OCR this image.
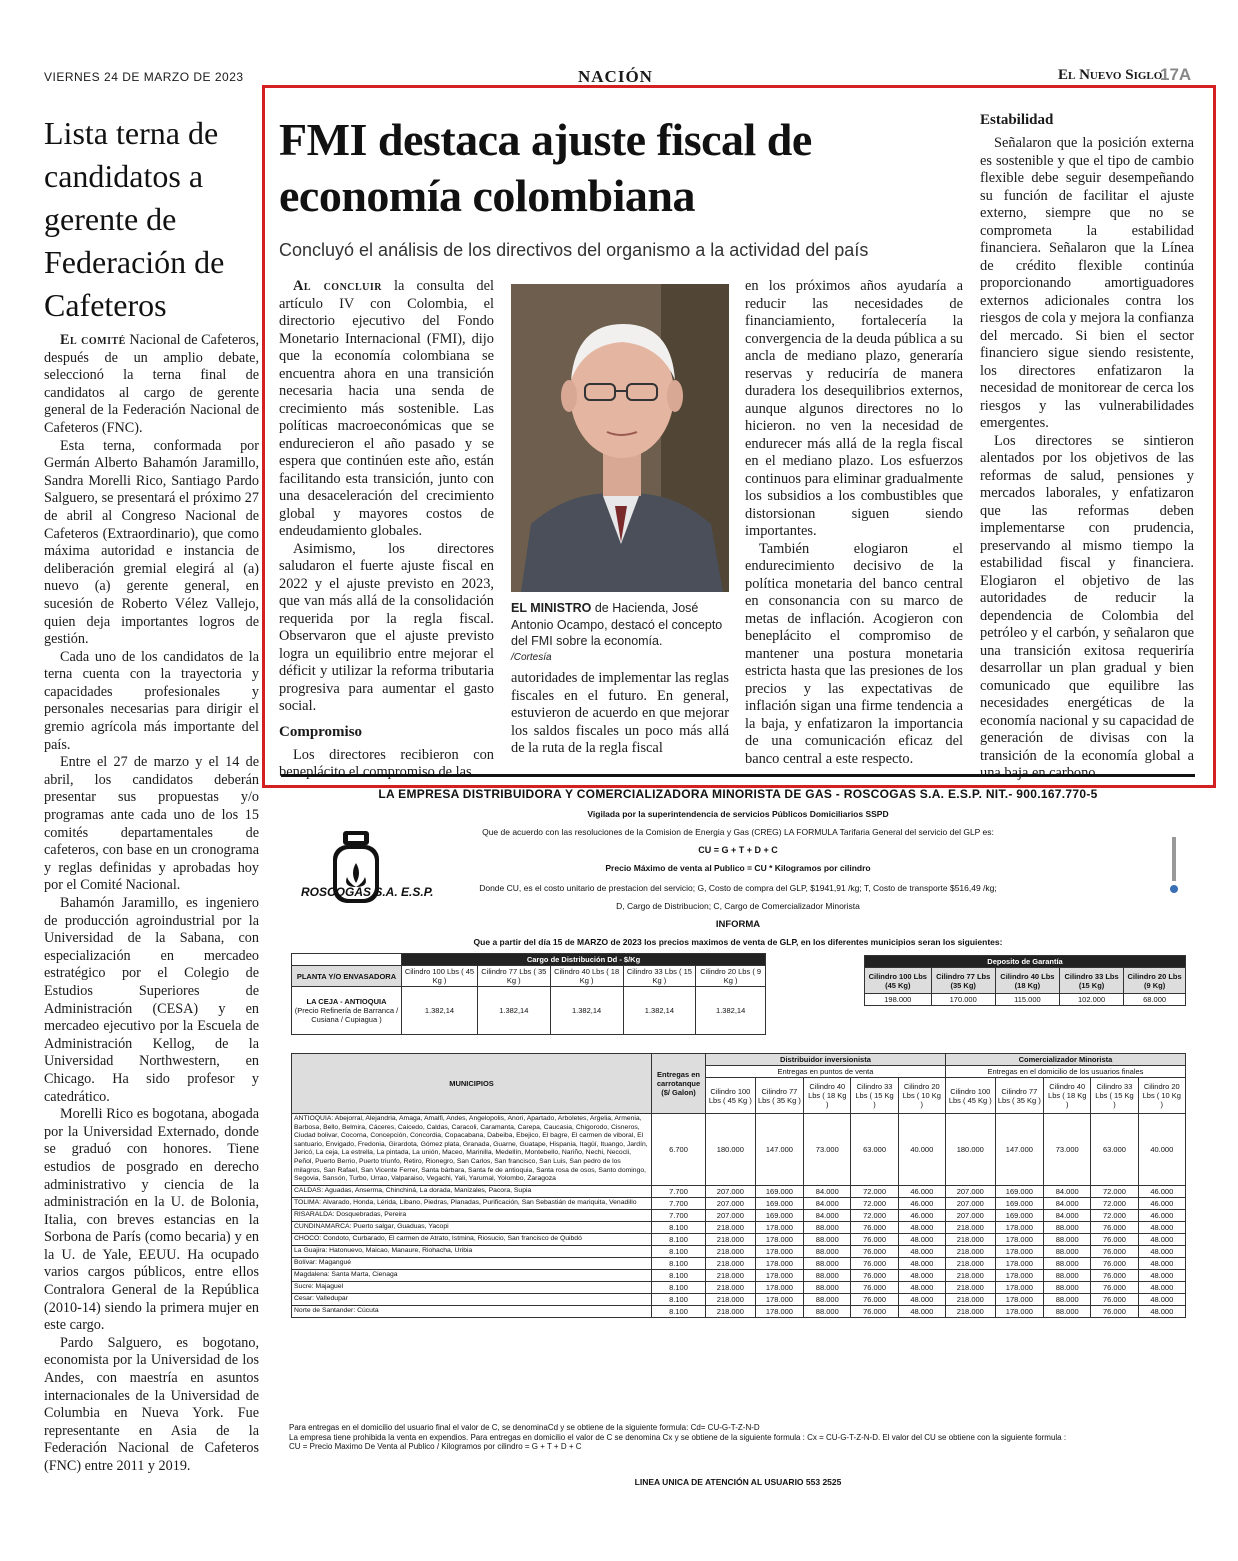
VIERNES 24 DE MARZO DE 2023	NACIÓN	El Nuevo Siglo
17A
Lista terna de candidatos a gerente de Federación de Cafeteros

El comité Nacional de Cafeteros, después de un amplio debate, seleccionó la terna final de candidatos al cargo de gerente general de la Federación Nacional de Cafeteros (FNC).

Esta terna, conformada por Germán Alberto Bahamón Jaramillo, Sandra Morelli Rico, Santiago Pardo Salguero, se presentará el próximo 27 de abril al Congreso Nacional de Cafeteros (Extraordinario), que como máxima autoridad e instancia de deliberación gremial elegirá al (a) nuevo (a) gerente general, en sucesión de Roberto Vélez Vallejo, quien deja importantes logros de gestión.

Cada uno de los candidatos de la terna cuenta con la trayectoria y capacidades profesionales y personales necesarias para dirigir el gremio agrícola más importante del país.

Entre el 27 de marzo y el 14 de abril, los candidatos deberán presentar sus propuestas y/o programas ante cada uno de los 15 comités departamentales de cafeteros, con base en un cronograma y reglas definidas y aprobadas hoy por el Comité Nacional.

Bahamón Jaramillo, es ingeniero de producción agroindustrial por la Universidad de la Sabana, con especialización en mercadeo estratégico por el Colegio de Estudios Superiores de Administración (CESA) y en mercadeo ejecutivo por la Escuela de Administración Kellog, de la Universidad Northwestern, en Chicago. Ha sido profesor y catedrático.

Morelli Rico es bogotana, abogada por la Universidad Externado, donde se graduó con honores. Tiene estudios de posgrado en derecho administrativo y ciencia de la administración en la U. de Bolonia, Italia, con breves estancias en la Sorbona de París (como becaria) y en la U. de Yale, EEUU. Ha ocupado varios cargos públicos, entre ellos Contralora General de la República (2010-14) siendo la primera mujer en este cargo.

Pardo Salguero, es bogotano, economista por la Universidad de los Andes, con maestría en asuntos internacionales de la Universidad de Columbia en Nueva York. Fue representante en Asia de la Federación Nacional de Cafeteros (FNC) entre 2011 y 2019.

FMI destaca ajuste fiscal de economía colombiana
Concluyó el análisis de los directivos del organismo a la actividad del país

Al concluir la consulta del artículo IV con Colombia, el directorio ejecutivo del Fondo Monetario Internacional (FMI), dijo que la economía colombiana se encuentra ahora en una transición necesaria hacia una senda de crecimiento más sostenible. Las políticas macroeconómicas que se endurecieron el año pasado y se espera que continúen este año, están facilitando esta transición, junto con una desaceleración del crecimiento global y mayores costos de endeudamiento globales.

Asimismo, los directores saludaron el fuerte ajuste fiscal en 2022 y el ajuste previsto en 2023, que van más allá de la consolidación requerida por la regla fiscal. Observaron que el ajuste previsto logra un equilibrio entre mejorar el déficit y utilizar la reforma tributaria progresiva para aumentar el gasto social.

Compromiso

Los directores recibieron con beneplácito el compromiso de las

EL MINISTRO de Hacienda, José Antonio Ocampo, destacó el concepto del FMI sobre la economía.
/Cortesía

autoridades de implementar las reglas fiscales en el futuro. En general, estuvieron de acuerdo en que mejorar los saldos fiscales un poco más allá de la ruta de la regla fiscal

en los próximos años ayudaría a reducir las necesidades de financiamiento, fortalecería la convergencia de la deuda pública a su ancla de mediano plazo, generaría reservas y reduciría de manera duradera los desequilibrios externos, aunque algunos directores no lo hicieron. no ven la necesidad de endurecer más allá de la regla fiscal en el mediano plazo. Los esfuerzos continuos para eliminar gradualmente los subsidios a los combustibles que distorsionan siguen siendo importantes.

También elogiaron el endurecimiento decisivo de la política monetaria del banco central en consonancia con su marco de metas de inflación. Acogieron con beneplácito el compromiso de mantener una postura monetaria estricta hasta que las presiones de los precios y las expectativas de inflación sigan una firme tendencia a la baja, y enfatizaron la importancia de una comunicación eficaz del banco central a este respecto.

Estabilidad

Señalaron que la posición externa es sostenible y que el tipo de cambio flexible debe seguir desempeñando su función de facilitar el ajuste externo, siempre que no se comprometa la estabilidad financiera. Señalaron que la Línea de crédito flexible continúa proporcionando amortiguadores externos adicionales contra los riesgos de cola y mejora la confianza del mercado. Si bien el sector financiero sigue siendo resistente, los directores enfatizaron la necesidad de monitorear de cerca los riesgos y las vulnerabilidades emergentes.

Los directores se sintieron alentados por los objetivos de las reformas de salud, pensiones y mercados laborales, y enfatizaron que las reformas deben implementarse con prudencia, preservando al mismo tiempo la estabilidad fiscal y financiera. Elogiaron el objetivo de las autoridades de reducir la dependencia de Colombia del petróleo y el carbón, y señalaron que una transición exitosa requeriría desarrollar un plan gradual y bien comunicado que equilibre las necesidades energéticas de la economía nacional y su capacidad de generación de divisas con la transición de la economía global a una baja en carbono.

LA EMPRESA DISTRIBUIDORA Y COMERCIALIZADORA MINORISTA DE GAS - ROSCOGAS S.A. E.S.P. NIT.- 900.167.770-5
Vigilada por la superintendencia de servicios Públicos Domiciliarios SSPD
Que de acuerdo con las resoluciones de la Comision de Energia y Gas (CREG) LA FORMULA Tarifaria General del servicio del GLP es:
CU = G + T + D + C
Precio Máximo de venta al Publico = CU * Kilogramos por cilindro
Donde CU, es el costo unitario de prestacion del servicio; G, Costo de compra del GLP, $1941,91 /kg; T, Costo de transporte $516,49 /kg;
D, Cargo de Distribucion; C, Cargo de Comercializador Minorista
INFORMA
Que a partir del día 15 de MARZO de 2023 los precios maximos de venta de GLP, en los diferentes municipios seran los siguientes:
ROSCOGAS S.A. E.S.P.
	Cargo de Distribución Dd - $/Kg				
PLANTA Y/O ENVASADORA	Cilindro 100 Lbs ( 45 Kg )	Cilindro 77 Lbs ( 35 Kg )	Cilindro 40 Lbs ( 18 Kg )	Cilindro 33 Lbs ( 15 Kg )	Cilindro 20 Lbs ( 9 Kg )
LA CEJA - ANTIOQUIA
(Precio Refinería de Barranca / Cusiana / Cupiagua )	1.382,14	1.382,14	1.382,14	1.382,14	1.382,14
Deposito de Garantía				
Cilindro 100 Lbs (45 Kg)	Cilindro 77 Lbs (35 Kg)	Cilindro 40 Lbs (18 Kg)	Cilindro 33 Lbs (15 Kg)	Cilindro 20 Lbs (9 Kg)
198.000	170.000	115.000	102.000	68.000
MUNICIPIOS	Entregas en carrotanque ($/ Galon)	Distribuidor inversionista					Comercializador Minorista				
		Entregas en puntos de venta					Entregas en el domicilio de los usuarios finales				
		Cilindro 100 Lbs ( 45 Kg )	Cilindro 77 Lbs ( 35 Kg )	Cilindro 40 Lbs ( 18 Kg )	Cilindro 33 Lbs ( 15 Kg )	Cilindro 20 Lbs ( 10 Kg )	Cilindro 100 Lbs ( 45 Kg )	Cilindro 77 Lbs ( 35 Kg )	Cilindro 40 Lbs ( 18 Kg )	Cilindro 33 Lbs ( 15 Kg )	Cilindro 20 Lbs ( 10 Kg )
ANTIOQUIA: Abejorral, Alejandria, Amaga, Amalfi, Andes, Angelopolis, Anori, Apartado, Arboletes, Argelia, Armenia, Barbosa, Bello, Belmira, Cáceres, Caicedo, Caldas, Caracoli, Caramanta, Carepa, Caucasia, Chigorodo, Cisneros, Ciudad bolivar, Cocorna, Concepción, Concordia, Copacabana, Dabeiba, Ebejico, El bagre, El carmen de viboral, El santuario, Envigado, Fredonia, Girardota, Gómez plata, Granada, Guarne, Guatape, Hispania, Itagüí, Ituango, Jardín, Jericó, La ceja, La estrella, La pintada, La unión, Maceo, Marinilla, Medellín, Montebello, Nariño, Nechi, Necocli, Peñol, Puerto Berrio, Puerto triunfo, Retiro, Rionegro, San Carlos, San francisco, San Luis, San pedro de los milagros, San Rafael, San Vicente Ferrer, Santa bárbara, Santa fe de antioquia, Santa rosa de osos, Santo domingo, Segovia, Sansón, Turbo, Urrao, Valparaiso, Vegachi, Yali, Yarumal, Yolombo, Zaragoza	6.700	180.000	147.000	73.000	63.000	40.000	180.000	147.000	73.000	63.000	40.000
CALDAS: Aguadas, Anserma, Chinchiná, La dorada, Manizales, Pacora, Supia	7.700	207.000	169.000	84.000	72.000	46.000	207.000	169.000	84.000	72.000	46.000
TOLIMA: Alvarado, Honda, Lérida, Libano, Piedras, Planadas, Purificación, San Sebastián de mariquita, Venadillo	7.700	207.000	169.000	84.000	72.000	46.000	207.000	169.000	84.000	72.000	46.000
RISARALDA: Dosquebradas, Pereira	7.700	207.000	169.000	84.000	72.000	46.000	207.000	169.000	84.000	72.000	46.000
CUNDINAMARCA: Puerto salgar, Guaduas, Yacopi	8.100	218.000	178.000	88.000	76.000	48.000	218.000	178.000	88.000	76.000	48.000
CHOCO: Condoto, Curbarado, El carmen de Atrato, Istmina, Riosucio, San francisco de Quibdó	8.100	218.000	178.000	88.000	76.000	48.000	218.000	178.000	88.000	76.000	48.000
La Guajira: Hatonuevo, Maicao, Manaure, Riohacha, Uribia	8.100	218.000	178.000	88.000	76.000	48.000	218.000	178.000	88.000	76.000	48.000
Bolívar: Magangué	8.100	218.000	178.000	88.000	76.000	48.000	218.000	178.000	88.000	76.000	48.000
Magdalena: Santa Marta, Cienaga	8.100	218.000	178.000	88.000	76.000	48.000	218.000	178.000	88.000	76.000	48.000
Sucre: Majaguel	8.100	218.000	178.000	88.000	76.000	48.000	218.000	178.000	88.000	76.000	48.000
Cesar: Valledupar	8.100	218.000	178.000	88.000	76.000	48.000	218.000	178.000	88.000	76.000	48.000
Norte de Santander: Cúcuta	8.100	218.000	178.000	88.000	76.000	48.000	218.000	178.000	88.000	76.000	48.000
Para entregas en el domicilio del usuario final el valor de C, se denominaCd y se obtiene de la siguiente formula: Cd= CU-G-T-Z-N-D
La empresa tiene prohibida la venta en expendios. Para entregas en domicilio el valor de C se denomina Cx y se obtiene de la siguiente formula : Cx = CU-G-T-Z-N-D. El valor del CU se obtiene con la siguiente formula :
CU = Precio Maximo De Venta al Publico / Kilogramos por cilindro = G + T + D + C
LINEA UNICA DE ATENCIÓN AL USUARIO 553 2525
